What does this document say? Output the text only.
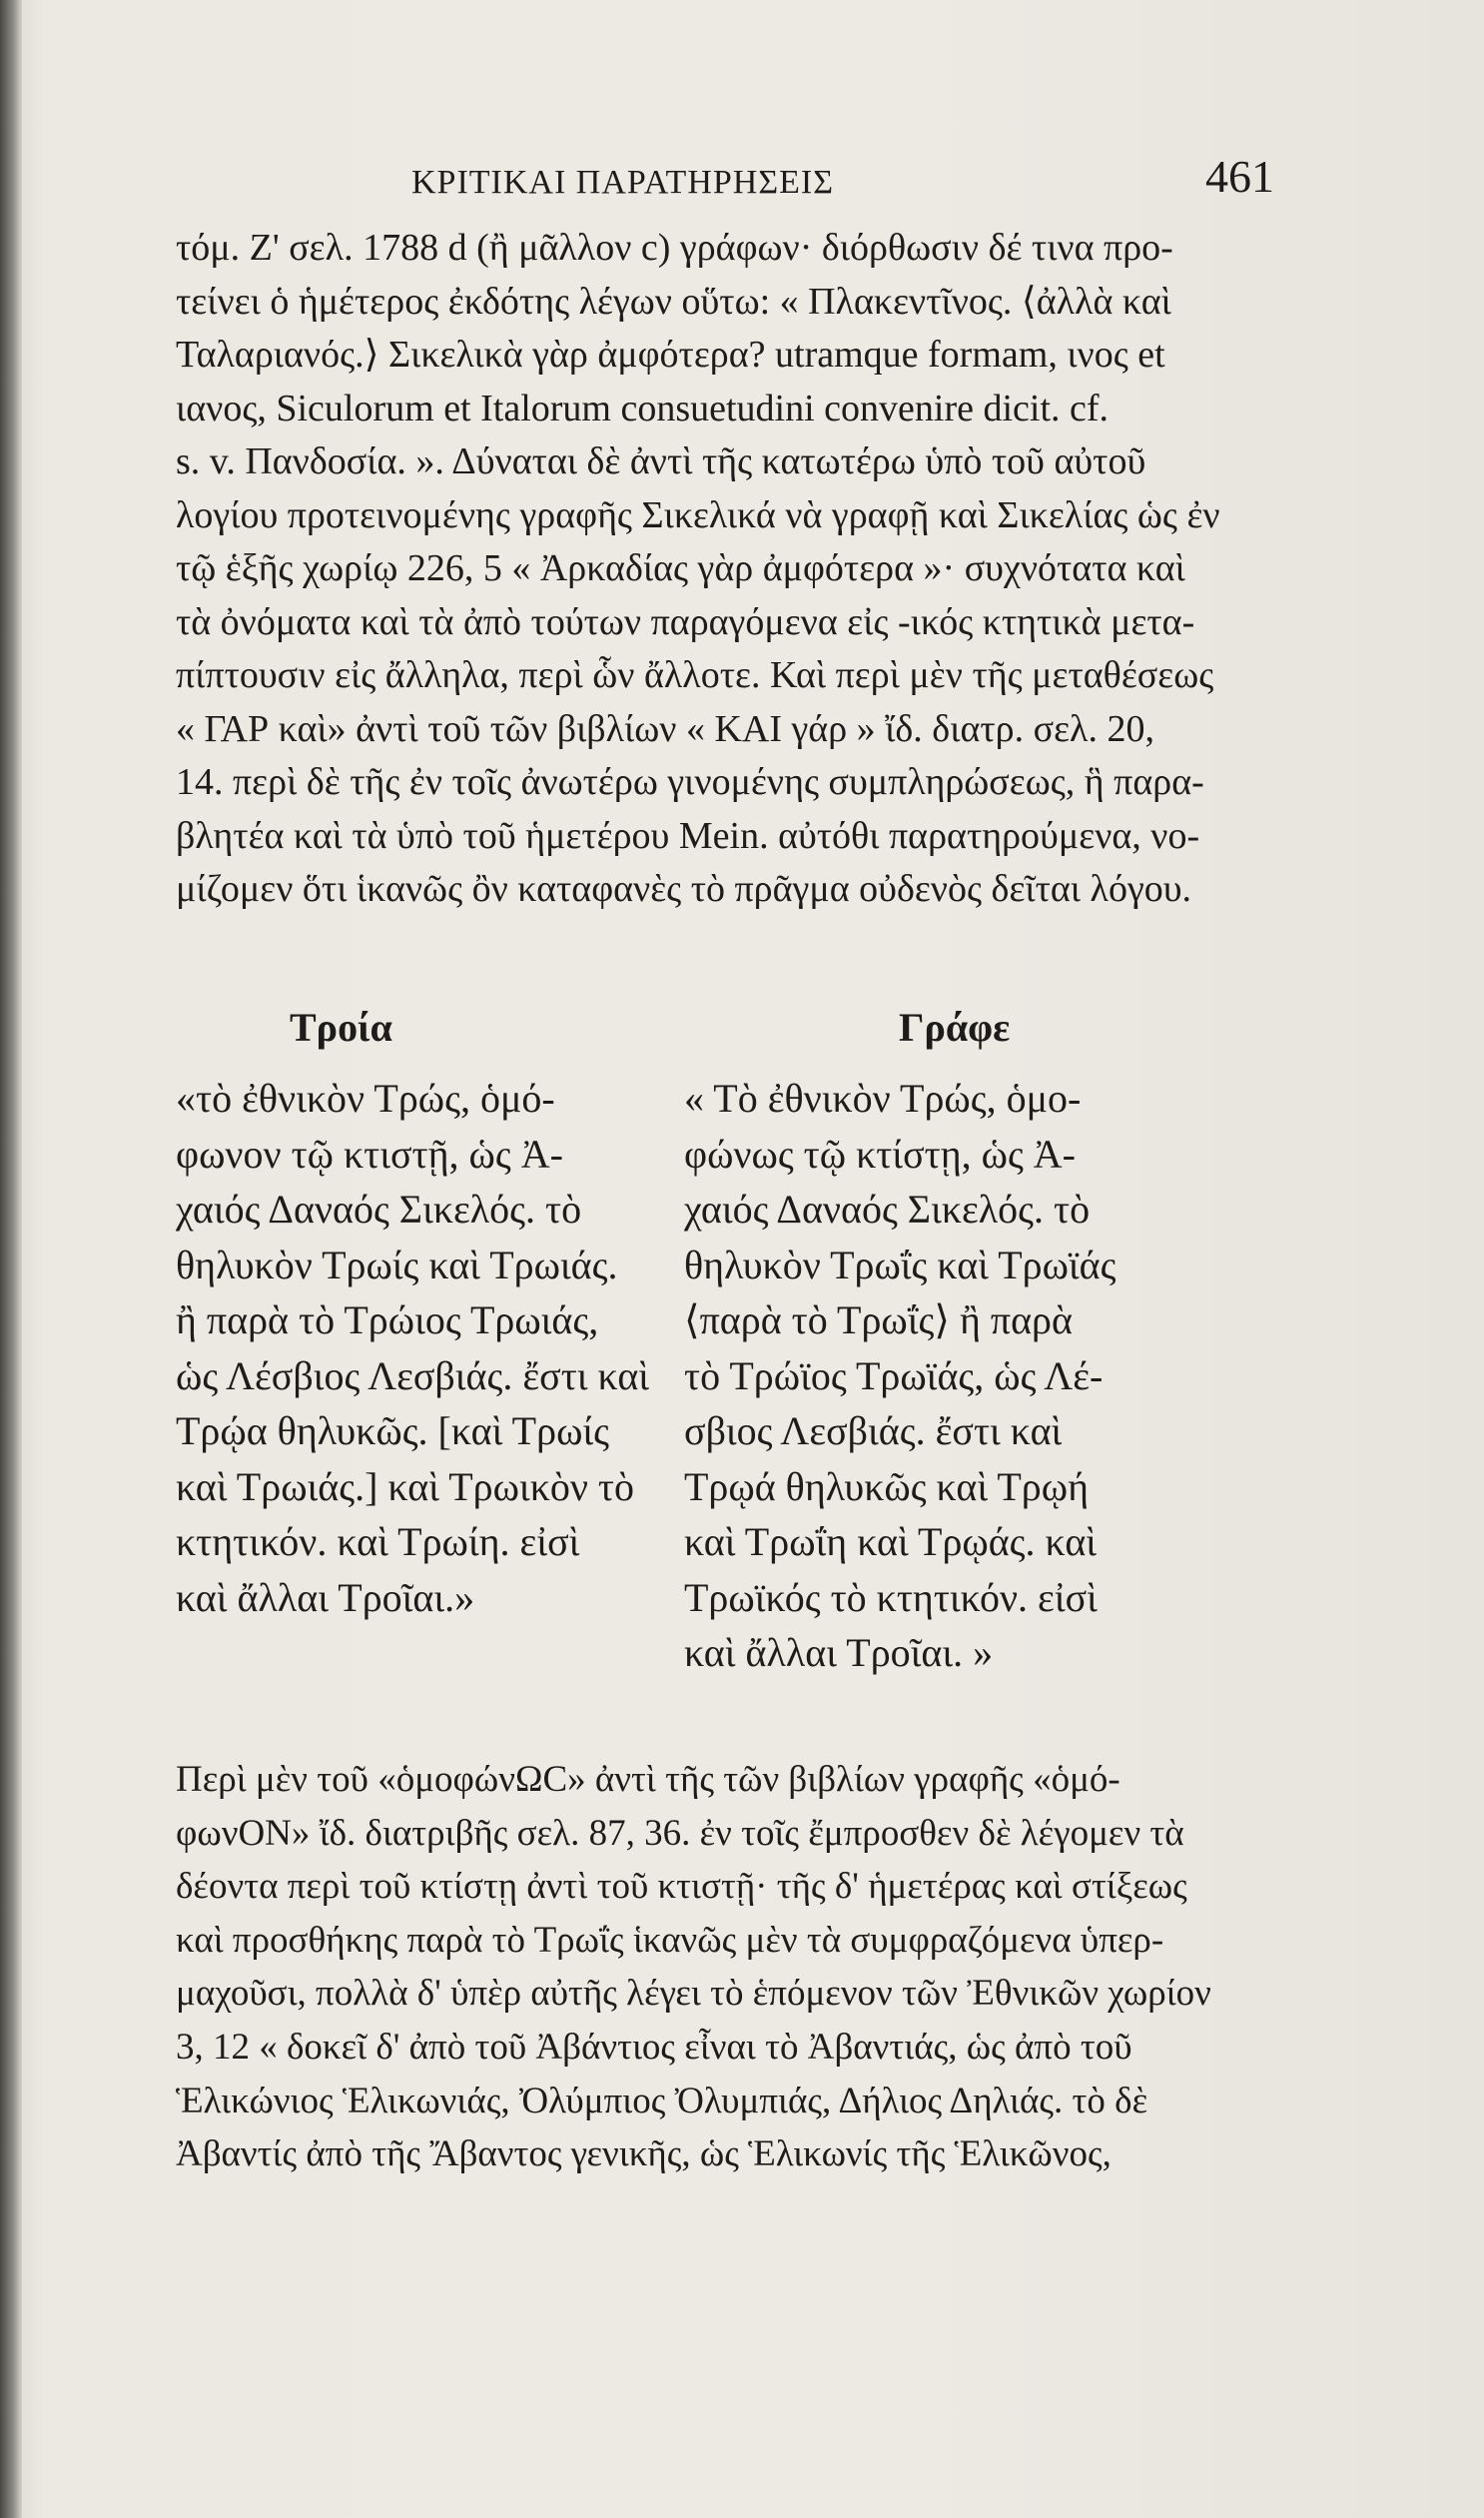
ΚΡΙΤΙΚΑΙ ΠΑΡΑΤΗΡΗΣΕΙΣ	461
τόμ. Ζ' σελ. 1788 d (ἢ μᾶλλον c) γράφων· διόρθωσιν δέ τινα προ-
τείνει ὁ ἡμέτερος ἐκδότης λέγων οὕτω: « Πλακεντῖνος. ⟨ἀλλὰ καὶ
Ταλαριανός.⟩ Σικελικὰ γὰρ ἀμφότερα? utramque formam, ινος et
ιανος, Siculorum et Italorum consuetudini convenire dicit. cf.
s. v. Πανδοσία. ». Δύναται δὲ ἀντὶ τῆς κατωτέρω ὑπὸ τοῦ αὐτοῦ
λογίου προτεινομένης γραφῆς Σικελικά νὰ γραφῇ καὶ Σικελίας ὡς ἐν
τῷ ἑξῆς χωρίῳ 226, 5 « Ἀρκαδίας γὰρ ἀμφότερα »· συχνότατα καὶ
τὰ ὀνόματα καὶ τὰ ἀπὸ τούτων παραγόμενα εἰς -ικός κτητικὰ μετα-
πίπτουσιν εἰς ἄλληλα, περὶ ὧν ἄλλοτε. Καὶ περὶ μὲν τῆς μεταθέσεως
« ΓΑΡ καὶ» ἀντὶ τοῦ τῶν βιβλίων « ΚΑΙ γάρ » ἴδ. διατρ. σελ. 20,
14. περὶ δὲ τῆς ἐν τοῖς ἀνωτέρω γινομένης συμπληρώσεως, ἣ παρα-
βλητέα καὶ τὰ ὑπὸ τοῦ ἡμετέρου Mein. αὐτόθι παρατηρούμενα, νο-
μίζομεν ὅτι ἱκανῶς ὂν καταφανὲς τὸ πρᾶγμα οὐδενὸς δεῖται λόγου.
Τροία	Γράφε
«τὸ ἐθνικὸν Τρώς, ὁμό-
φωνον τῷ κτιστῇ, ὡς Ἀ-
χαιός Δαναός Σικελός. τὸ
θηλυκὸν Τρωίς καὶ Τρωιάς.
ἢ παρὰ τὸ Τρώιος Τρωιάς,
ὡς Λέσβιος Λεσβιάς. ἔστι καὶ
Τρῴα θηλυκῶς. [καὶ Τρωίς
καὶ Τρωιάς.] καὶ Τρωικὸν τὸ
κτητικόν. καὶ Τρωίη. εἰσὶ
καὶ ἄλλαι Τροῖαι.»
« Τὸ ἐθνικὸν Τρώς, ὁμο-
φώνως τῷ κτίστῃ, ὡς Ἀ-
χαιός Δαναός Σικελός. τὸ
θηλυκὸν Τρωΐς καὶ Τρωϊάς
⟨παρὰ τὸ Τρωΐς⟩ ἢ παρὰ
τὸ Τρώϊος Τρωϊάς, ὡς Λέ-
σβιος Λεσβιάς. ἔστι καὶ
Τρῳά θηλυκῶς καὶ Τρῳή
καὶ Τρωΐη καὶ Τρῳάς. καὶ
Τρωϊκός τὸ κτητικόν. εἰσὶ
καὶ ἄλλαι Τροῖαι. »
Περὶ μὲν τοῦ «ὁμοφώνΩC» ἀντὶ τῆς τῶν βιβλίων γραφῆς «ὁμό-
φωνΟΝ» ἴδ. διατριβῆς σελ. 87, 36. ἐν τοῖς ἔμπροσθεν δὲ λέγομεν τὰ
δέοντα περὶ τοῦ κτίστῃ ἀντὶ τοῦ κτιστῇ· τῆς δ' ἡμετέρας καὶ στίξεως
καὶ προσθήκης παρὰ τὸ Τρωΐς ἱκανῶς μὲν τὰ συμφραζόμενα ὑπερ-
μαχοῦσι, πολλὰ δ' ὑπὲρ αὐτῆς λέγει τὸ ἑπόμενον τῶν Ἐθνικῶν χωρίον
3, 12 « δοκεῖ δ' ἀπὸ τοῦ Ἀβάντιος εἶναι τὸ Ἀβαντιάς, ὡς ἀπὸ τοῦ
Ἑλικώνιος Ἑλικωνιάς, Ὀλύμπιος Ὀλυμπιάς, Δήλιος Δηλιάς. τὸ δὲ
Ἀβαντίς ἀπὸ τῆς Ἄβαντος γενικῆς, ὡς Ἑλικωνίς τῆς Ἑλικῶνος,
